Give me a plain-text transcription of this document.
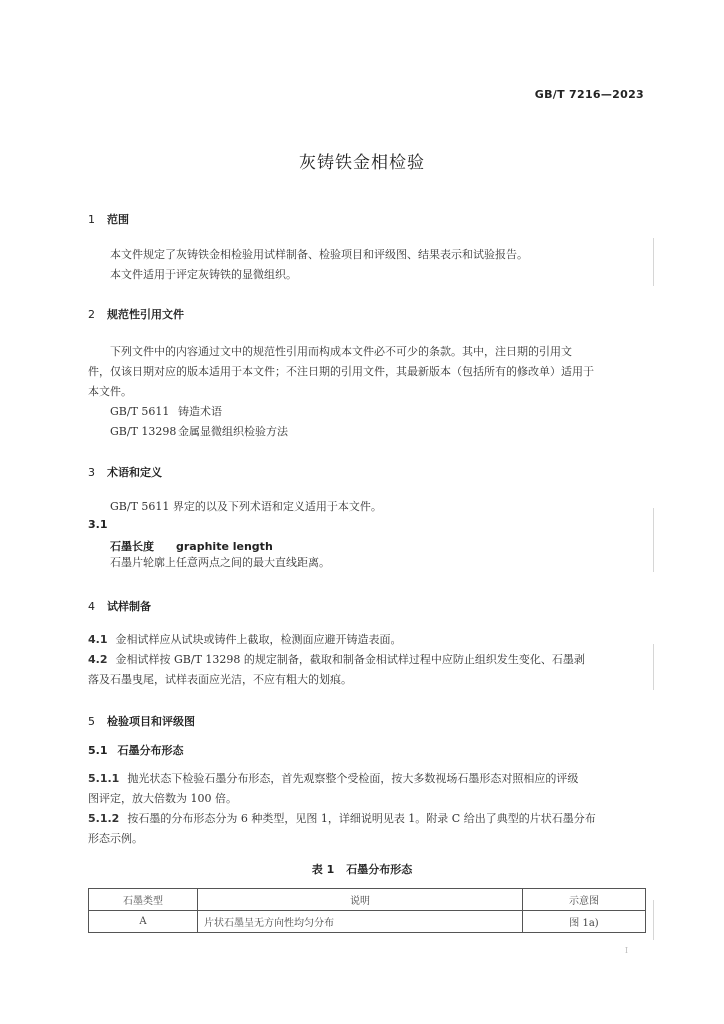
GB/T 7216—2023
灰铸铁金相检验
1 范围
本文件规定了灰铸铁金相检验用试样制备、检验项目和评级图、结果表示和试验报告。
本文件适用于评定灰铸铁的显微组织。
2 规范性引用文件
下列文件中的内容通过文中的规范性引用而构成本文件必不可少的条款。其中，注日期的引用文
件，仅该日期对应的版本适用于本文件；不注日期的引用文件，其最新版本（包括所有的修改单）适用于
本文件。
GB/T 5611 铸造术语
GB/T 13298 金属显微组织检验方法
3 术语和定义
GB/T 5611 界定的以及下列术语和定义适用于本文件。
3.1
石墨长度 graphite length
石墨片轮廓上任意两点之间的最大直线距离。
4 试样制备
4.1 金相试样应从试块或铸件上截取，检测面应避开铸造表面。
4.2 金相试样按 GB/T 13298 的规定制备，截取和制备金相试样过程中应防止组织发生变化、石墨剥
落及石墨曳尾，试样表面应光洁，不应有粗大的划痕。
5 检验项目和评级图
5.1 石墨分布形态
5.1.1 抛光状态下检验石墨分布形态，首先观察整个受检面，按大多数视场石墨形态对照相应的评级
图评定，放大倍数为 100 倍。
5.1.2 按石墨的分布形态分为 6 种类型，见图 1，详细说明见表 1。附录 C 给出了典型的片状石墨分布
形态示例。
表 1 石墨分布形态
石墨类型	说明	示意图
A	片状石墨呈无方向性均匀分布	图 1a)
I
